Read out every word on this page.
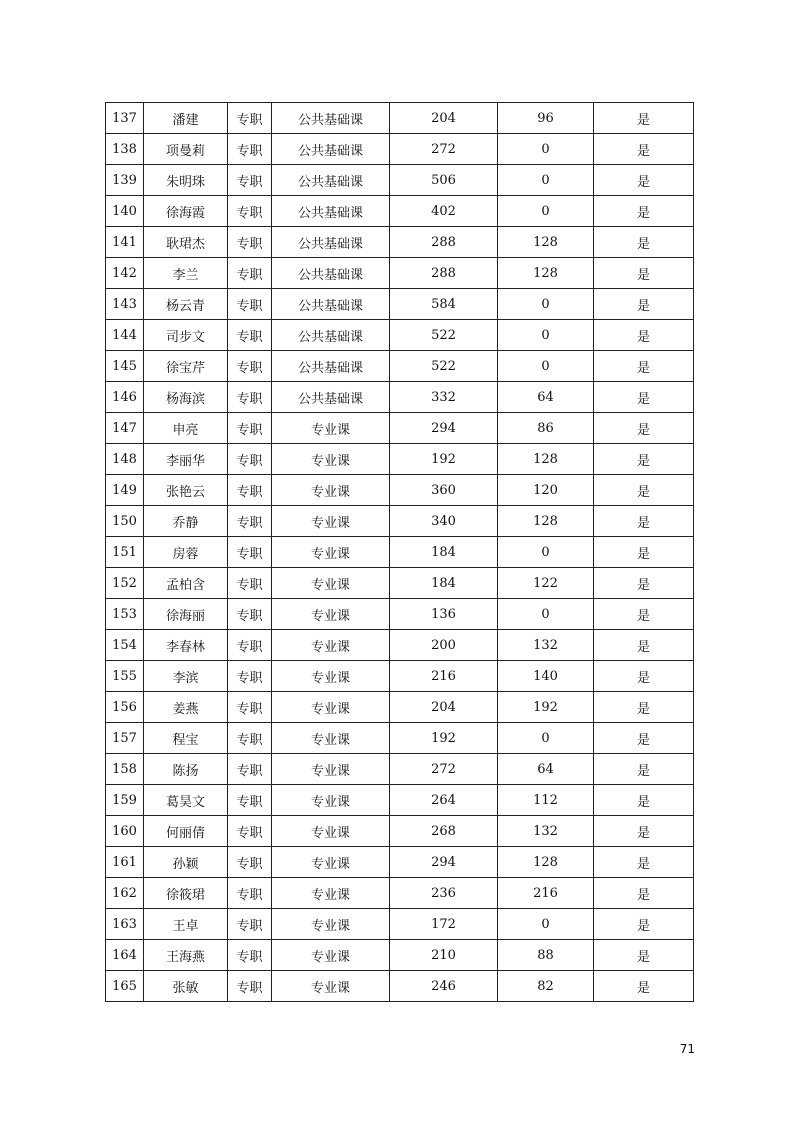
137	潘建	专职	公共基础课	204	96	是
138	项曼莉	专职	公共基础课	272	0	是
139	朱明珠	专职	公共基础课	506	0	是
140	徐海霞	专职	公共基础课	402	0	是
141	耿珺杰	专职	公共基础课	288	128	是
142	李兰	专职	公共基础课	288	128	是
143	杨云青	专职	公共基础课	584	0	是
144	司步文	专职	公共基础课	522	0	是
145	徐宝芹	专职	公共基础课	522	0	是
146	杨海滨	专职	公共基础课	332	64	是
147	申亮	专职	专业课	294	86	是
148	李丽华	专职	专业课	192	128	是
149	张艳云	专职	专业课	360	120	是
150	乔静	专职	专业课	340	128	是
151	房蓉	专职	专业课	184	0	是
152	孟柏含	专职	专业课	184	122	是
153	徐海丽	专职	专业课	136	0	是
154	李春林	专职	专业课	200	132	是
155	李滨	专职	专业课	216	140	是
156	姜燕	专职	专业课	204	192	是
157	程宝	专职	专业课	192	0	是
158	陈扬	专职	专业课	272	64	是
159	葛昊文	专职	专业课	264	112	是
160	何丽倩	专职	专业课	268	132	是
161	孙颖	专职	专业课	294	128	是
162	徐筱珺	专职	专业课	236	216	是
163	王卓	专职	专业课	172	0	是
164	王海燕	专职	专业课	210	88	是
165	张敏	专职	专业课	246	82	是
71
